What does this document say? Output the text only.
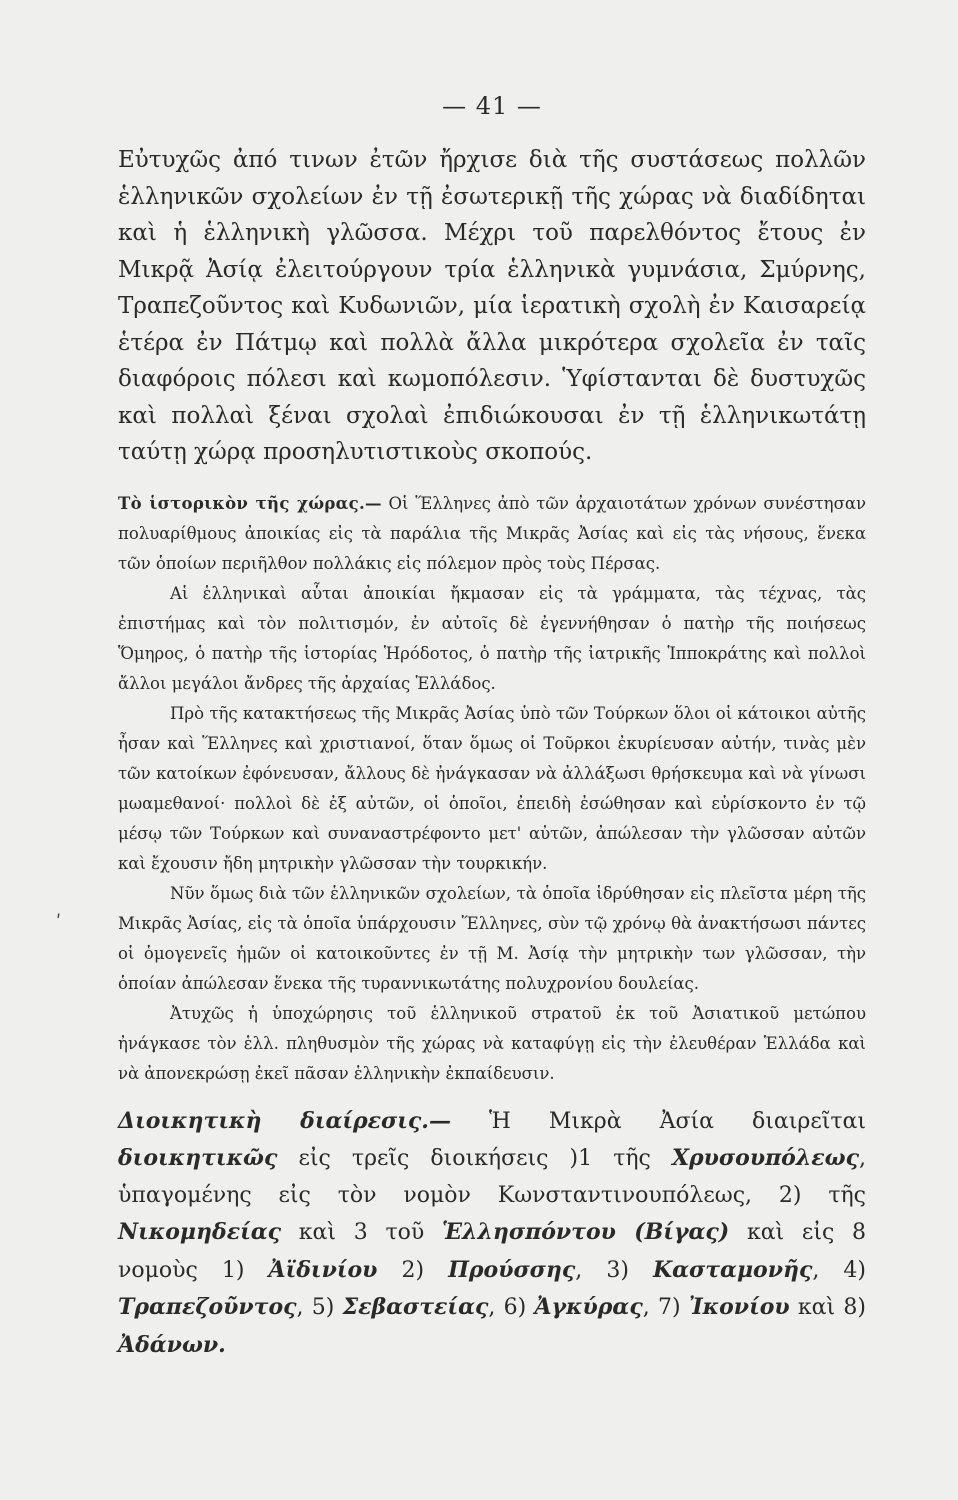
— 41 —

Εὐτυχῶς ἀπό τινων ἐτῶν ἤρχισε διὰ τῆς συστάσεως πολλῶν ἑλληνικῶν σχολείων ἐν τῇ ἐσωτερικῇ τῆς χώρας νὰ διαδίδηται καὶ ἡ ἑλληνικὴ γλῶσσα. Μέχρι τοῦ παρελθόντος ἔτους ἐν Μικρᾷ Ἀσίᾳ ἐλειτούργουν τρία ἑλληνικὰ γυμνάσια, Σμύρνης, Τραπεζοῦντος καὶ Κυδωνιῶν, μία ἱερατικὴ σχολὴ ἐν Καισαρείᾳ ἑτέρα ἐν Πάτμῳ καὶ πολλὰ ἄλλα μικρότερα σχολεῖα ἐν ταῖς διαφόροις πόλεσι καὶ κωμοπόλεσιν. Ὑφίστανται δὲ δυστυχῶς καὶ πολλαὶ ξέναι σχολαὶ ἐπιδιώκουσαι ἐν τῇ ἑλληνικωτάτῃ ταύτῃ χώρᾳ προσηλυτιστικοὺς σκοπούς.

Τὸ ἱστορικὸν τῆς χώρας.— Οἱ Ἕλληνες ἀπὸ τῶν ἀρχαιοτάτων χρόνων συνέστησαν πολυαρίθμους ἀποικίας εἰς τὰ παράλια τῆς Μικρᾶς Ἀσίας καὶ εἰς τὰς νήσους, ἕνεκα τῶν ὁποίων περιῆλθον πολλάκις εἰς πόλεμον πρὸς τοὺς Πέρσας.

Αἱ ἑλληνικαὶ αὗται ἀποικίαι ἤκμασαν εἰς τὰ γράμματα, τὰς τέχνας, τὰς ἐπιστήμας καὶ τὸν πολιτισμόν, ἐν αὐτοῖς δὲ ἐγεννήθησαν ὁ πατὴρ τῆς ποιήσεως Ὅμηρος, ὁ πατὴρ τῆς ἱστορίας Ἡρόδοτος, ὁ πατὴρ τῆς ἰατρικῆς Ἱπποκράτης καὶ πολλοὶ ἄλλοι μεγάλοι ἄνδρες τῆς ἀρχαίας Ἑλλάδος.

Πρὸ τῆς κατακτήσεως τῆς Μικρᾶς Ἀσίας ὑπὸ τῶν Τούρκων ὅλοι οἱ κάτοικοι αὐτῆς ἦσαν καὶ Ἕλληνες καὶ χριστιανοί, ὅταν ὅμως οἱ Τοῦρκοι ἐκυρίευσαν αὐτήν, τινὰς μὲν τῶν κατοίκων ἐφόνευσαν, ἄλλους δὲ ἠνάγκασαν νὰ ἀλλάξωσι θρήσκευμα καὶ νὰ γίνωσι μωαμεθανοί· πολλοὶ δὲ ἐξ αὐτῶν, οἱ ὁποῖοι, ἐπειδὴ ἐσώθησαν καὶ εὑρίσκοντο ἐν τῷ μέσῳ τῶν Τούρκων καὶ συναναστρέφοντο μετ' αὐτῶν, ἀπώλεσαν τὴν γλῶσσαν αὐτῶν καὶ ἔχουσιν ἤδη μητρικὴν γλῶσσαν τὴν τουρκικήν.

Νῦν ὅμως διὰ τῶν ἑλληνικῶν σχολείων, τὰ ὁποῖα ἱδρύθησαν εἰς πλεῖστα μέρη τῆς Μικρᾶς Ἀσίας, εἰς τὰ ὁποῖα ὑπάρχουσιν Ἕλληνες, σὺν τῷ χρόνῳ θὰ ἀνακτήσωσι πάντες οἱ ὁμογενεῖς ἡμῶν οἱ κατοικοῦντες ἐν τῇ Μ. Ἀσίᾳ τὴν μητρικὴν των γλῶσσαν, τὴν ὁποίαν ἀπώλεσαν ἕνεκα τῆς τυραννικωτάτης πολυχρονίου δουλείας.

Ἀτυχῶς ἡ ὑποχώρησις τοῦ ἑλληνικοῦ στρατοῦ ἐκ τοῦ Ἀσιατικοῦ μετώπου ἠνάγκασε τὸν ἑλλ. πληθυσμὸν τῆς χώρας νὰ καταφύγῃ εἰς τὴν ἐλευθέραν Ἑλλάδα καὶ νὰ ἀπονεκρώσῃ ἐκεῖ πᾶσαν ἑλληνικὴν ἐκπαίδευσιν.

Διοικητικὴ διαίρεσις.— Ἡ Μικρὰ Ἀσία διαιρεῖται διοικητικῶς εἰς τρεῖς διοικήσεις )1 τῆς Χρυσουπόλεως, ὑπαγομένης εἰς τὸν νομὸν Κωνσταντινουπόλεως, 2) τῆς Νικομηδείας καὶ 3 τοῦ Ἑλλησπόντου (Βίγας) καὶ εἰς 8 νομοὺς 1) Ἀϊδινίου 2) Προύσσης, 3) Κασταμονῆς, 4) Τραπεζοῦντος, 5) Σεβαστείας, 6) Ἀγκύρας, 7) Ἰκονίου καὶ 8) Ἀδάνων.

ʹ
